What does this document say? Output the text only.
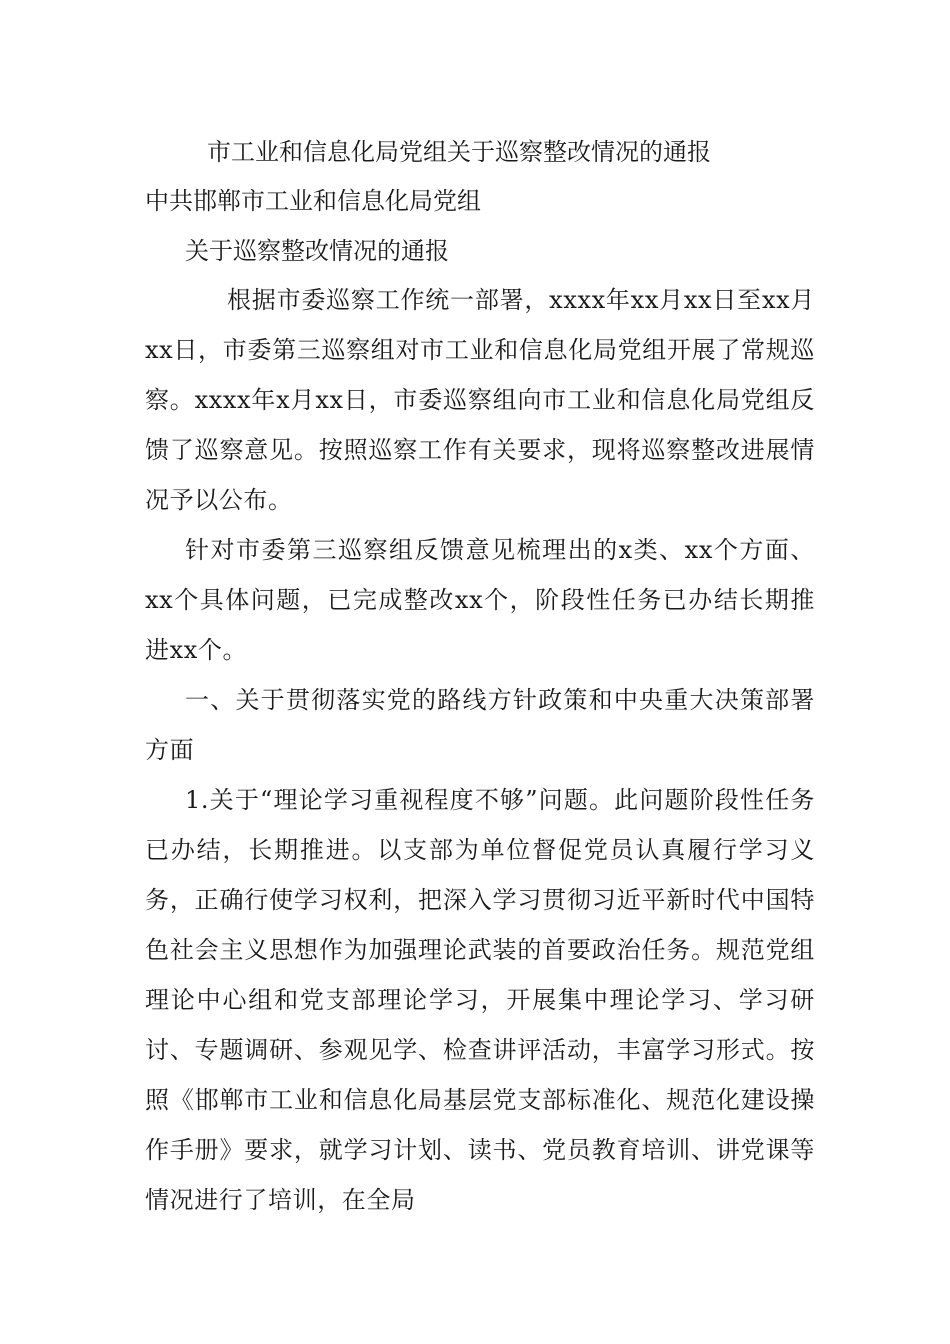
市工业和信息化局党组关于巡察整改情况的通报

中共邯郸市工业和信息化局党组

关于巡察整改情况的通报

根据市委巡察工作统一部署，xxxx年xx月xx日至xx月xx日，市委第三巡察组对市工业和信息化局党组开展了常规巡察。xxxx年x月xx日，市委巡察组向市工业和信息化局党组反馈了巡察意见。按照巡察工作有关要求，现将巡察整改进展情况予以公布。

针对市委第三巡察组反馈意见梳理出的x类、xx个方面、xx个具体问题，已完成整改xx个，阶段性任务已办结长期推进xx个。

一、关于贯彻落实党的路线方针政策和中央重大决策部署方面

1.关于“理论学习重视程度不够”问题。此问题阶段性任务已办结，长期推进。以支部为单位督促党员认真履行学习义务，正确行使学习权利，把深入学习贯彻习近平新时代中国特色社会主义思想作为加强理论武装的首要政治任务。规范党组理论中心组和党支部理论学习，开展集中理论学习、学习研讨、专题调研、参观见学、检查讲评活动，丰富学习形式。按照《邯郸市工业和信息化局基层党支部标准化、规范化建设操作手册》要求，就学习计划、读书、党员教育培训、讲党课等情况进行了培训，在全局
